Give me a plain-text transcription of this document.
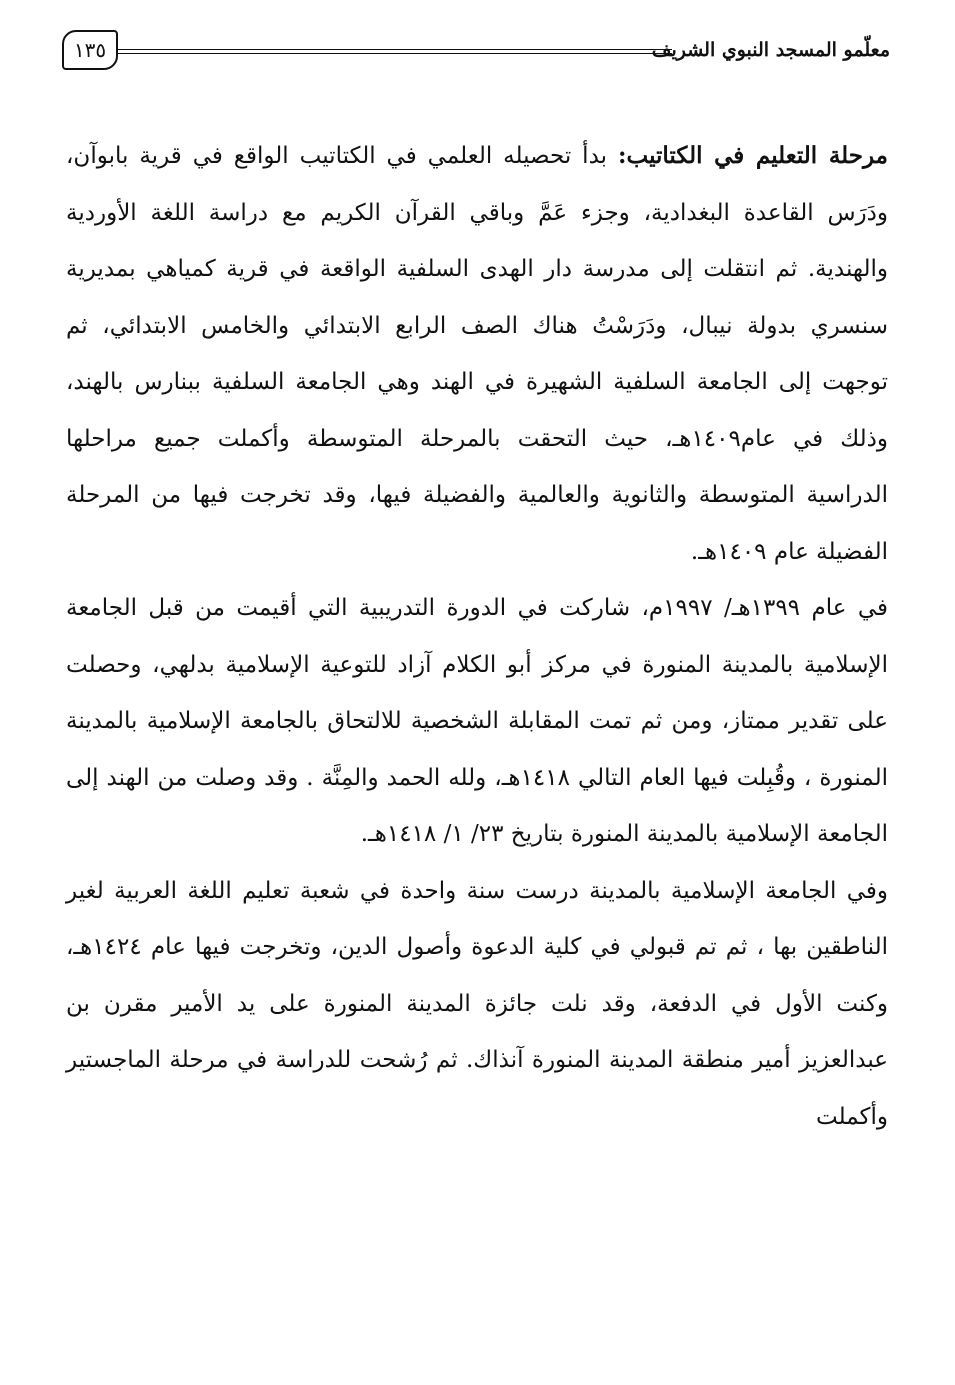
معلّمو المسجد النبوي الشريف
١٣٥

مرحلة التعليم في الكتاتيب: بدأ تحصيله العلمي في الكتاتيب الواقع في قرية بابوآن، ودَرَس القاعدة البغدادية، وجزء عَمَّ وباقي القرآن الكريم مع دراسة اللغة الأوردية والهندية. ثم انتقلت إلى مدرسة دار الهدى السلفية الواقعة في قرية كمياهي بمديرية سنسري بدولة نيبال، ودَرَسْتُ هناك الصف الرابع الابتدائي والخامس الابتدائي، ثم توجهت إلى الجامعة السلفية الشهيرة في الهند وهي الجامعة السلفية ببنارس بالهند، وذلك في عام١٤٠٩هـ، حيث التحقت بالمرحلة المتوسطة وأكملت جميع مراحلها الدراسية المتوسطة والثانوية والعالمية والفضيلة فيها، وقد تخرجت فيها من المرحلة الفضيلة عام ١٤٠٩هـ.

في عام ١٣٩٩هـ/ ١٩٩٧م، شاركت في الدورة التدريبية التي أقيمت من قبل الجامعة الإسلامية بالمدينة المنورة في مركز أبو الكلام آزاد للتوعية الإسلامية بدلهي، وحصلت على تقدير ممتاز، ومن ثم تمت المقابلة الشخصية للالتحاق بالجامعة الإسلامية بالمدينة المنورة ، وقُبِلت فيها العام التالي ١٤١٨هـ، ولله الحمد والمِنَّة . وقد وصلت من الهند إلى الجامعة الإسلامية بالمدينة المنورة بتاريخ ٢٣/ ١/ ١٤١٨هـ.

وفي الجامعة الإسلامية بالمدينة درست سنة واحدة في شعبة تعليم اللغة العربية لغير الناطقين بها ، ثم تم قبولي في كلية الدعوة وأصول الدين، وتخرجت فيها عام ١٤٢٤هـ، وكنت الأول في الدفعة، وقد نلت جائزة المدينة المنورة على يد الأمير مقرن بن عبدالعزيز أمير منطقة المدينة المنورة آنذاك. ثم رُشحت للدراسة في مرحلة الماجستير وأكملت
